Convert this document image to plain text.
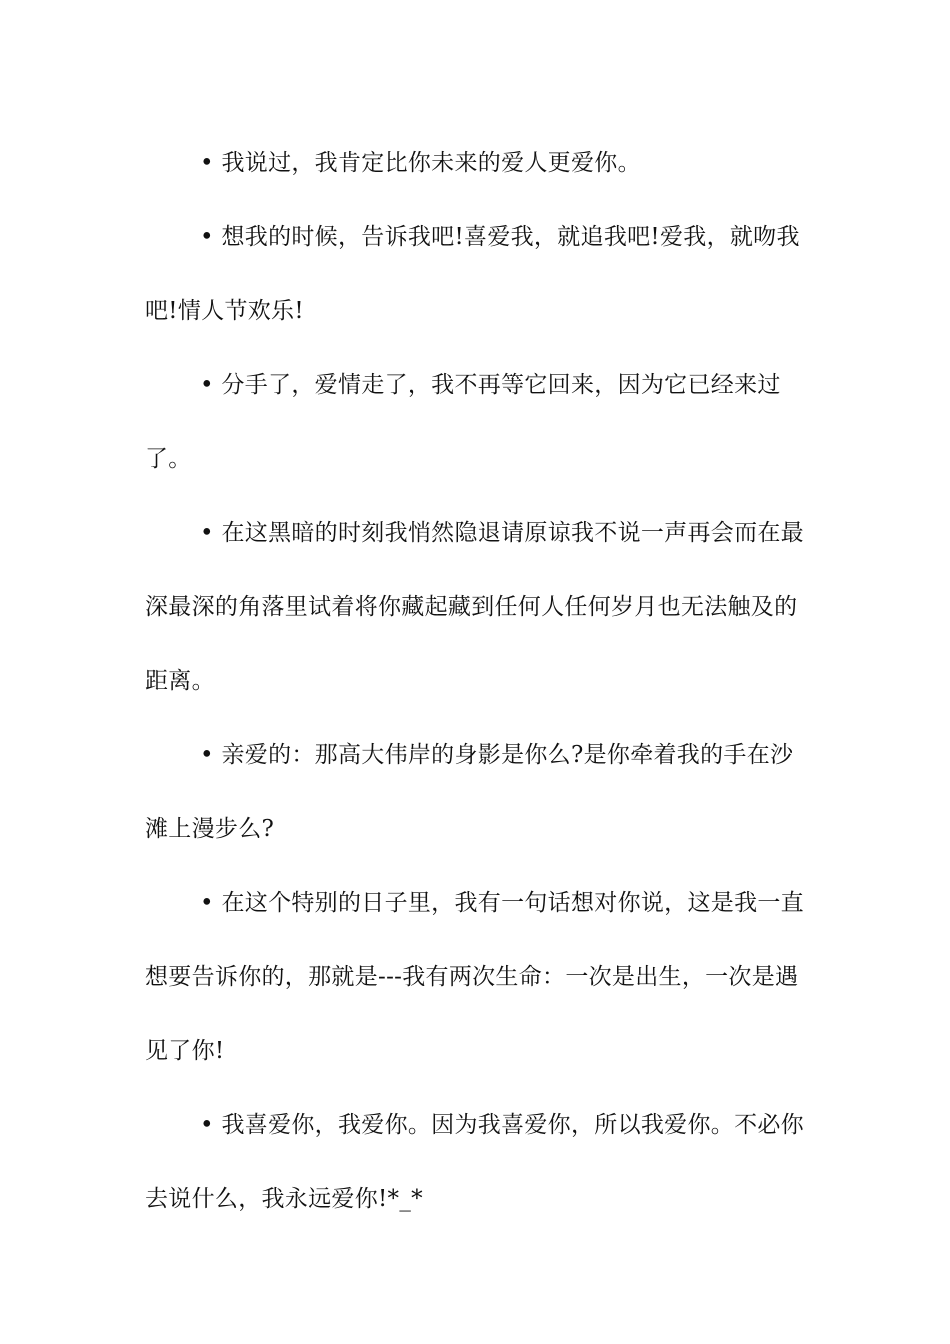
• 我说过，我肯定比你未来的爱人更爱你。

• 想我的时候，告诉我吧!喜爱我，就追我吧!爱我，就吻我吧!情人节欢乐!

• 分手了，爱情走了，我不再等它回来，因为它已经来过了。

• 在这黑暗的时刻我悄然隐退请原谅我不说一声再会而在最深最深的角落里试着将你藏起藏到任何人任何岁月也无法触及的距离。

• 亲爱的：那高大伟岸的身影是你么?是你牵着我的手在沙滩上漫步么?

• 在这个特别的日子里，我有一句话想对你说，这是我一直想要告诉你的，那就是---我有两次生命：一次是出生，一次是遇见了你!

• 我喜爱你，我爱你。因为我喜爱你，所以我爱你。不必你去说什么，我永远爱你!*_*
